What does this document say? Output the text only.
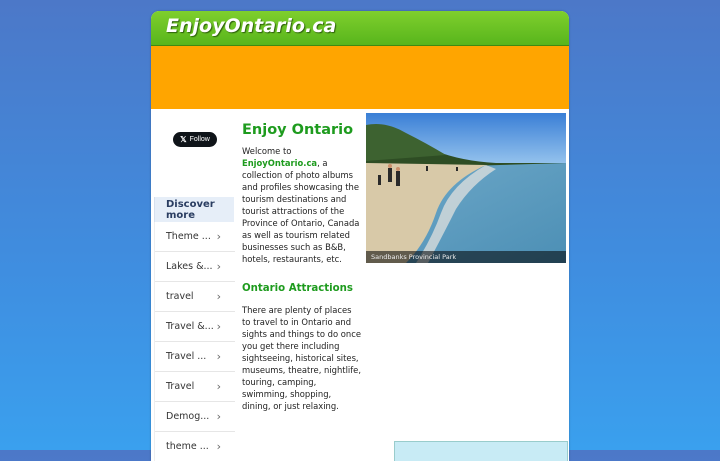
EnjoyOntario.ca
𝕏 Follow
Discover more
Theme ... ›
Lakes &... ›
travel ›
Travel &... ›
Travel ... ›
Travel ›
Demog... ›
theme ... ›
Enjoy Ontario

Welcome to EnjoyOntario.ca, a collection of photo albums and profiles showcasing the tourism destinations and tourist attractions of the Province of Ontario, Canada as well as tourism related businesses such as B&B, hotels, restaurants, etc.

Ontario Attractions

There are plenty of places to travel to in Ontario and sights and things to do once you get there including sightseeing, historical sites, museums, theatre, nightlife, touring, camping, swimming, shopping, dining, or just relaxing.

Sandbanks Provincial Park
